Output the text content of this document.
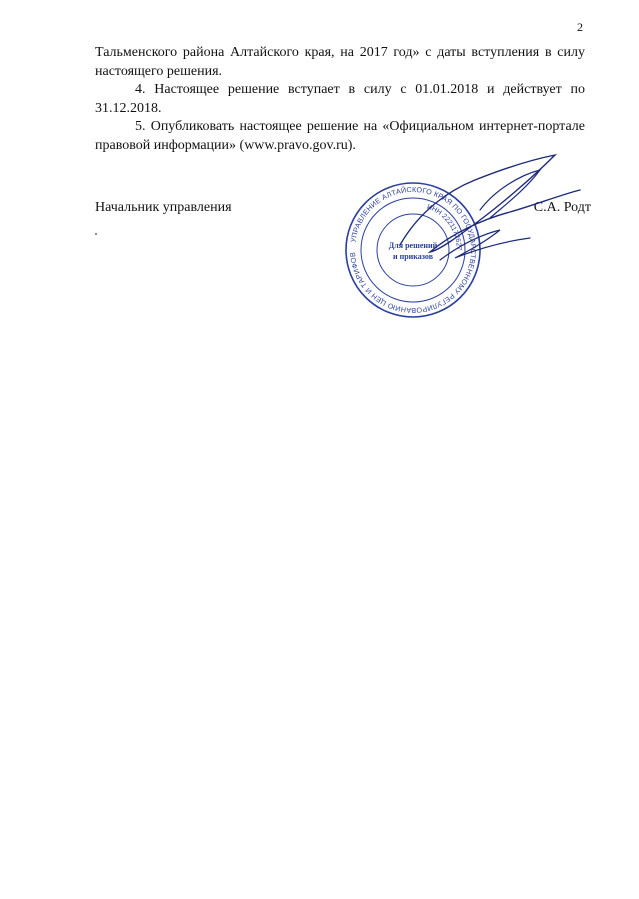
2

Тальменского района Алтайского края, на 2017 год» с даты вступления в силу настоящего решения.

4. Настоящее решение вступает в силу с 01.01.2018 и действует по 31.12.2018.

5. Опубликовать настоящее решение на «Официальном интернет-портале правовой информации» (www.pravo.gov.ru).

Начальник управления	С.А. Родт
УПРАВЛЕНИЕ АЛТАЙСКОГО КРАЯ ПО ГОСУДАРСТВЕННОМУ РЕГУЛИРОВАНИЮ ЦЕН И ТАРИФОВ
ИНН 2221172627
Для решений
и приказов
